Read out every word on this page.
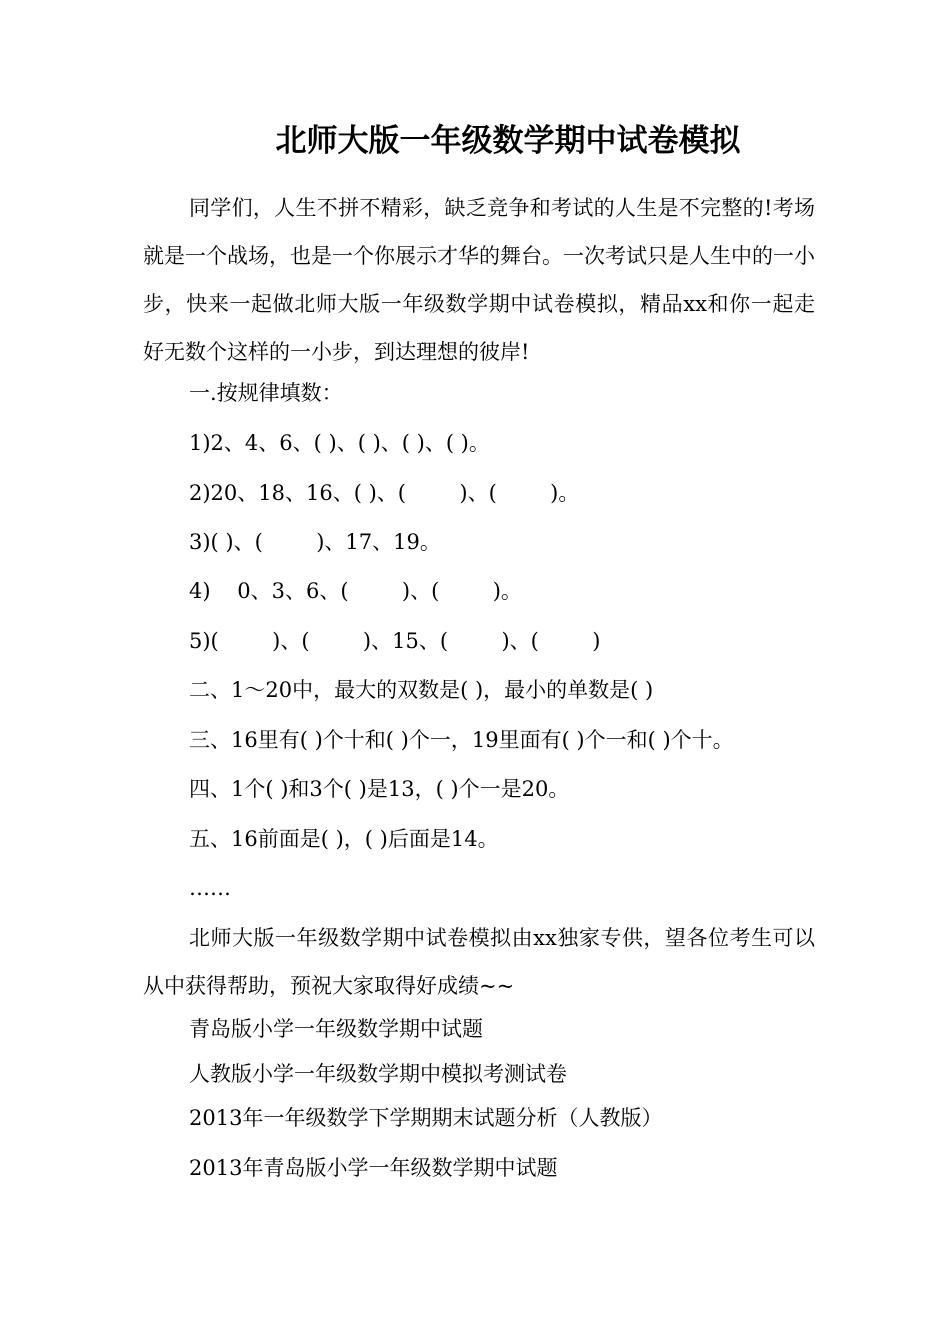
北师大版一年级数学期中试卷模拟

同学们，人生不拼不精彩，缺乏竞争和考试的人生是不完整的!考场就是一个战场，也是一个你展示才华的舞台。一次考试只是人生中的一小步，快来一起做北师大版一年级数学期中试卷模拟，精品xx和你一起走好无数个这样的一小步，到达理想的彼岸!

一.按规律填数：

1)2、4、6、( )、( )、( )、( )。

2)20、18、16、( )、(        )、(        )。

3)( )、(        )、17、19。

4)    0、3、6、(        )、(        )。

5)(        )、(        )、15、(        )、(        )

二、1～20中，最大的双数是( )，最小的单数是( )

三、16里有( )个十和( )个一，19里面有( )个一和( )个十。

四、1个( )和3个( )是13，( )个一是20。

五、16前面是( )，( )后面是14。

……

北师大版一年级数学期中试卷模拟由xx独家专供，望各位考生可以从中获得帮助，预祝大家取得好成绩~~

青岛版小学一年级数学期中试题

人教版小学一年级数学期中模拟考测试卷

2013年一年级数学下学期期末试题分析（人教版）

2013年青岛版小学一年级数学期中试题
